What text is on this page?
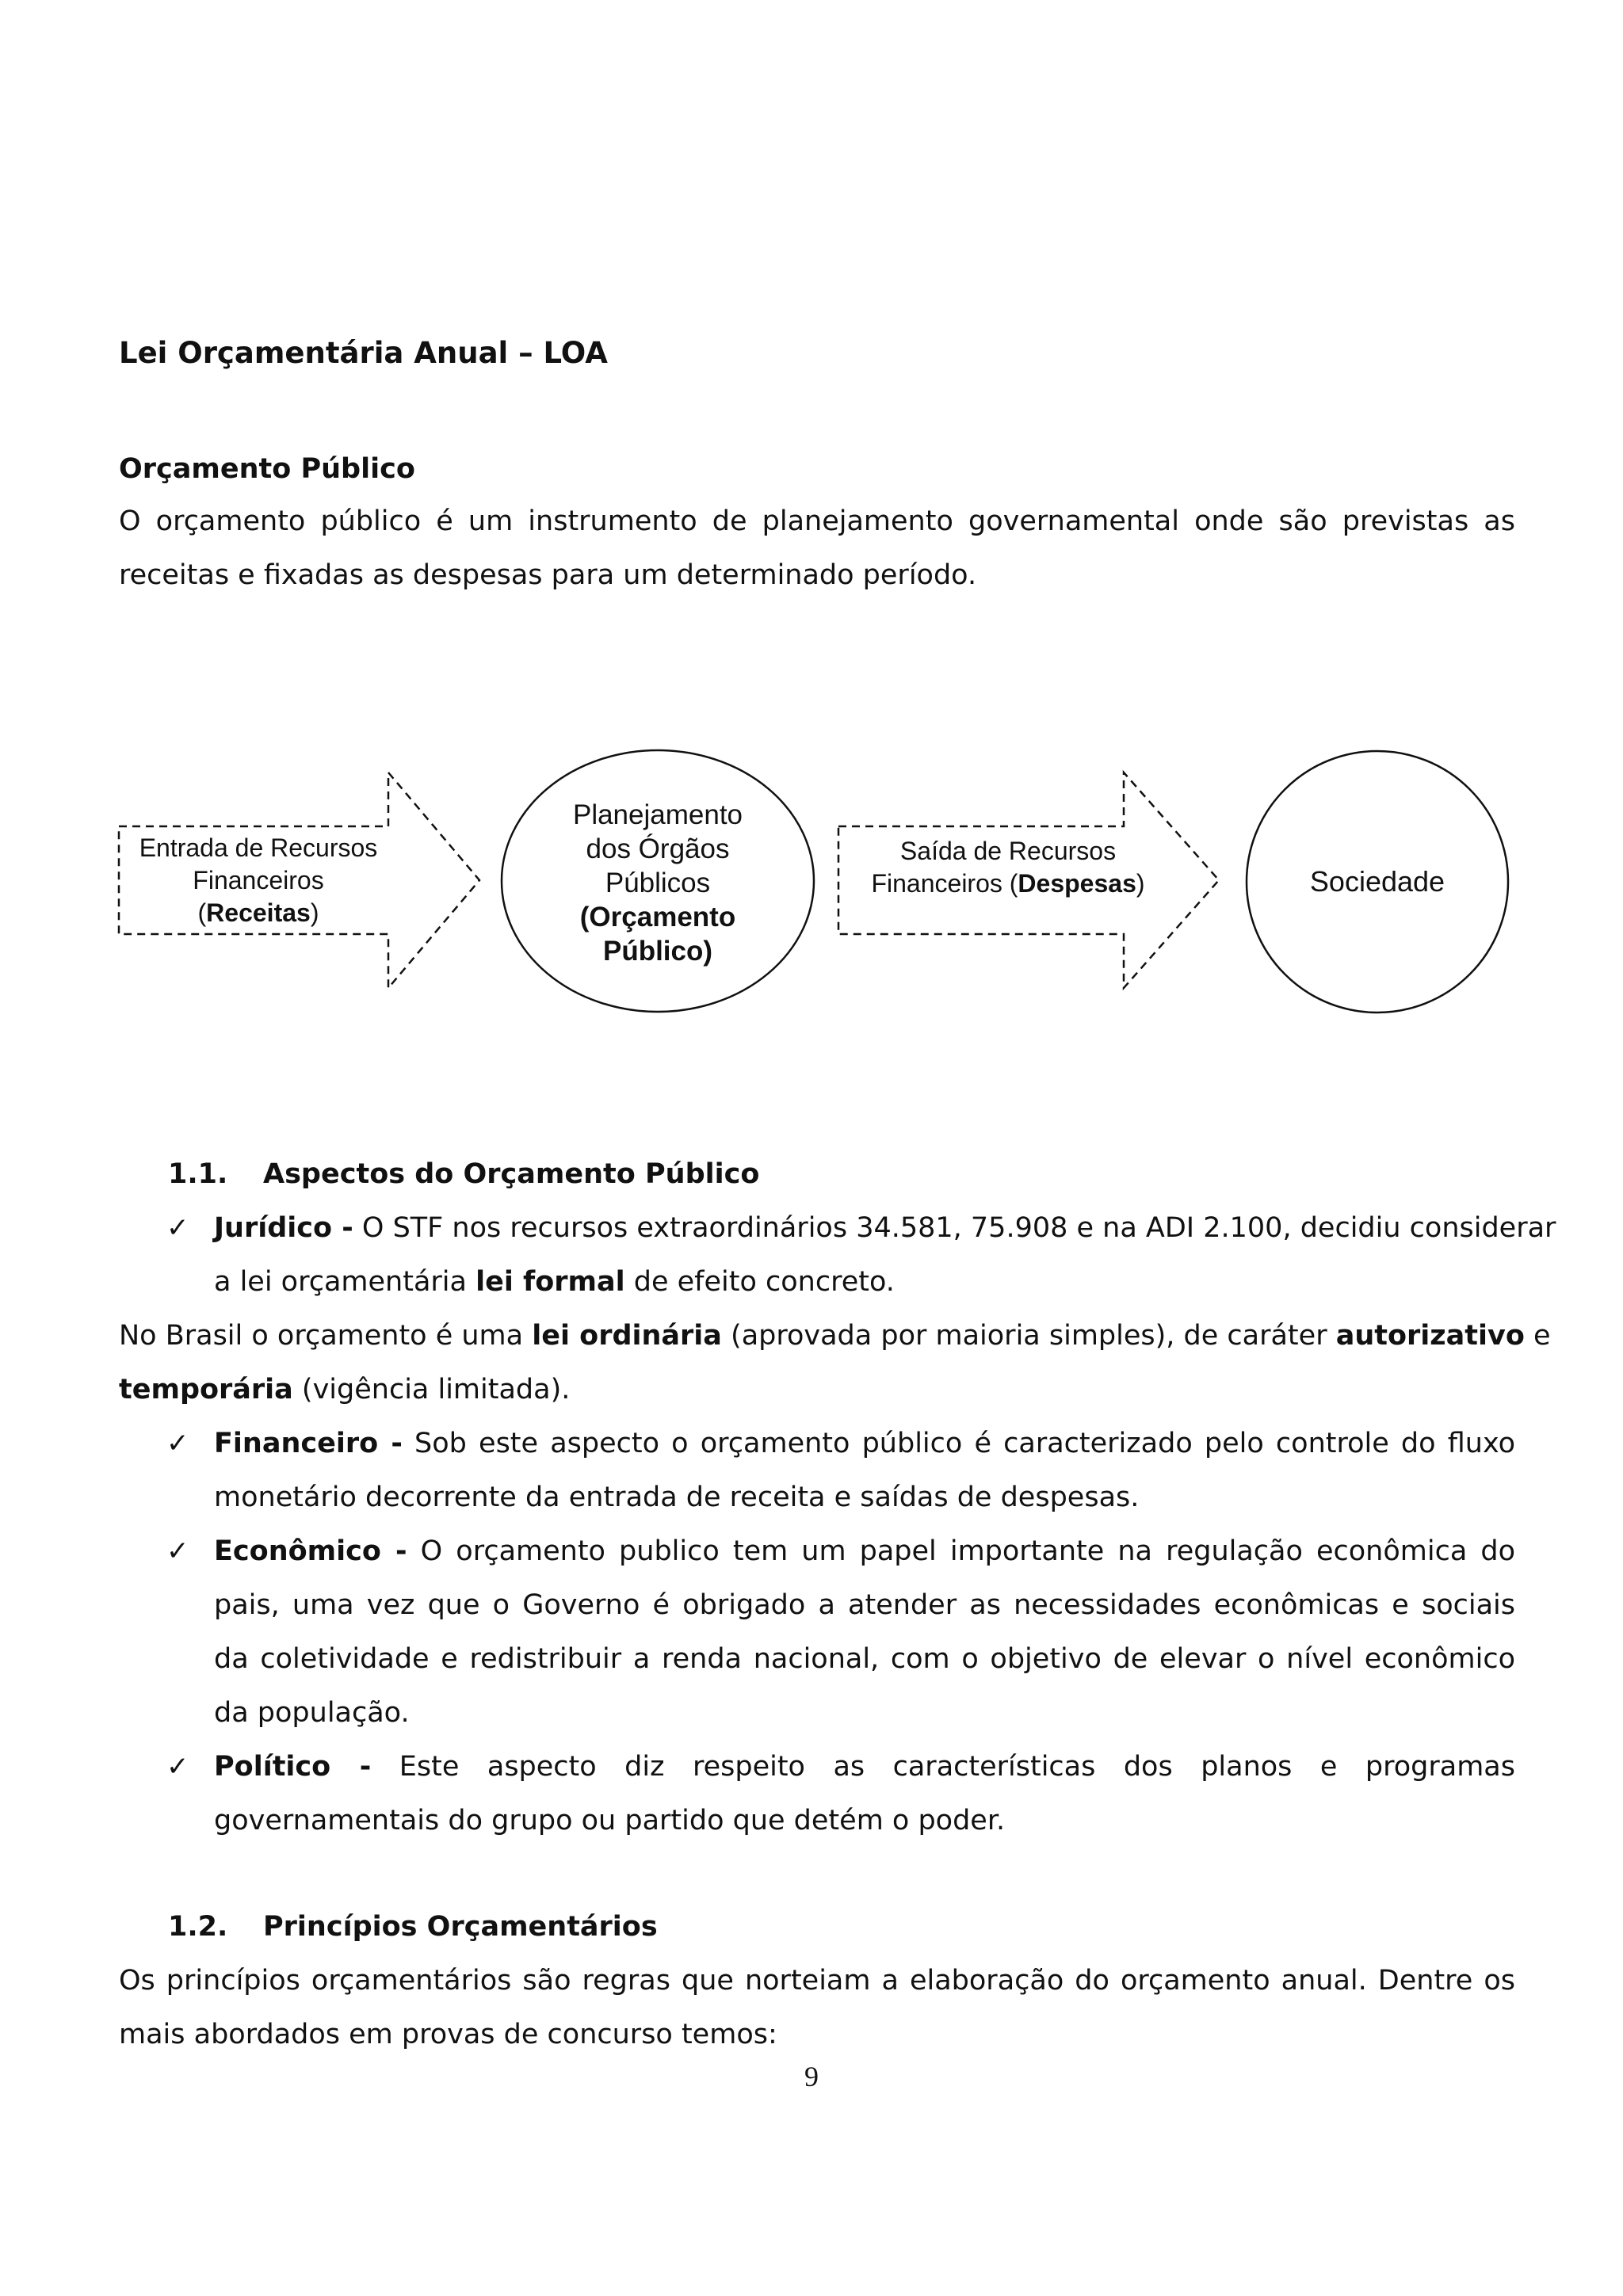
Lei Orçamentária Anual – LOA
Orçamento Público
O orçamento público é um instrumento de planejamento governamental onde são previstas as
receitas e fixadas as despesas para um determinado período.
Entrada de Recursos
Financeiros
(Receitas)
Planejamento
dos Órgãos
Públicos
(Orçamento
Público)
Saída de Recursos
Financeiros (Despesas)	Sociedade
1.1. Aspectos do Orçamento Público
✓ Jurídico - O STF nos recursos extraordinários 34.581, 75.908 e na ADI 2.100, decidiu considerar
a lei orçamentária lei formal de efeito concreto.
No Brasil o orçamento é uma lei ordinária (aprovada por maioria simples), de caráter autorizativo e
temporária (vigência limitada).
✓ Financeiro - Sob este aspecto o orçamento público é caracterizado pelo controle do fluxo
monetário decorrente da entrada de receita e saídas de despesas.
✓ Econômico - O orçamento publico tem um papel importante na regulação econômica do
pais, uma vez que o Governo é obrigado a atender as necessidades econômicas e sociais
da coletividade e redistribuir a renda nacional, com o objetivo de elevar o nível econômico
da população.
✓ Político - Este aspecto diz respeito as características dos planos e programas
governamentais do grupo ou partido que detém o poder.
1.2. Princípios Orçamentários
Os princípios orçamentários são regras que norteiam a elaboração do orçamento anual. Dentre os
mais abordados em provas de concurso temos:
9
